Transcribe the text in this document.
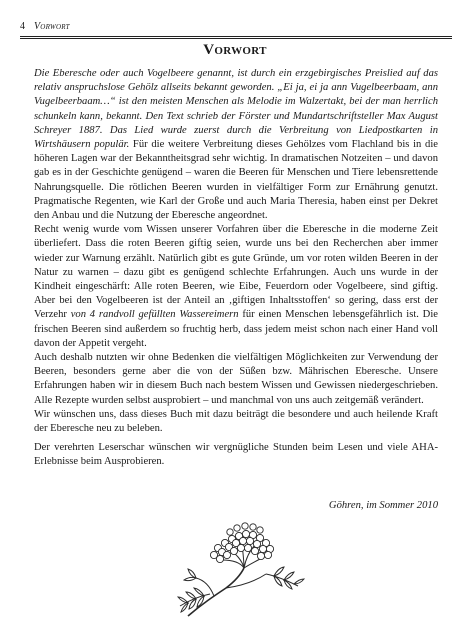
4 Vorwort
Vorwort

Die Eberesche oder auch Vogelbeere genannt, ist durch ein erzgebirgisches Preislied auf das relativ anspruchslose Gehölz allseits bekannt geworden. „Ei ja, ei ja ann Vugelbeerbaam, ann Vugelbeerbaam…“ ist den meisten Menschen als Melodie im Walzertakt, bei der man herrlich schunkeln kann, bekannt. Den Text schrieb der Förster und Mundartschriftsteller Max August Schreyer 1887. Das Lied wurde zuerst durch die Verbreitung von Liedpostkarten in Wirtshäusern populär. Für die weitere Verbreitung dieses Gehölzes vom Flachland bis in die höheren Lagen war der Bekanntheitsgrad sehr wichtig. In dramatischen Notzeiten – und davon gab es in der Geschichte genügend – waren die Beeren für Menschen und Tiere lebensrettende Nahrungsquelle. Die rötlichen Beeren wurden in vielfältiger Form zur Ernährung genutzt. Pragmatische Regenten, wie Karl der Große und auch Maria Theresia, haben einst per Dekret den Anbau und die Nutzung der Eberesche angeordnet.

Recht wenig wurde vom Wissen unserer Vorfahren über die Eberesche in die moderne Zeit überliefert. Dass die roten Beeren giftig seien, wurde uns bei den Recherchen aber immer wieder zur Warnung erzählt. Natürlich gibt es gute Gründe, um vor roten wilden Beeren in der Natur zu warnen – dazu gibt es genügend schlechte Erfahrungen. Auch uns wurde in der Kindheit eingeschärft: Alle roten Beeren, wie Eibe, Feuerdorn oder Vogelbeere, sind giftig. Aber bei den Vogelbeeren ist der Anteil an ‚giftigen Inhaltsstoffen‘ so gering, dass erst der Verzehr von 4 randvoll gefüllten Wassereimern für einen Menschen lebensgefährlich ist. Die frischen Beeren sind außerdem so fruchtig herb, dass jedem meist schon nach einer Hand voll davon der Appetit vergeht.

Auch deshalb nutzten wir ohne Bedenken die vielfältigen Möglichkeiten zur Verwendung der Beeren, besonders gerne aber die von der Süßen bzw. Mährischen Eberesche. Unsere Erfahrungen haben wir in diesem Buch nach bestem Wissen und Gewissen niedergeschrieben. Alle Rezepte wurden selbst ausprobiert – und manchmal von uns auch zeitgemäß verändert.

Wir wünschen uns, dass dieses Buch mit dazu beiträgt die besondere und auch heilende Kraft der Eberesche neu zu beleben.

Der verehrten Leserschar wünschen wir vergnügliche Stunden beim Lesen und viele AHA-Erlebnisse beim Ausprobieren.

Göhren, im Sommer 2010
